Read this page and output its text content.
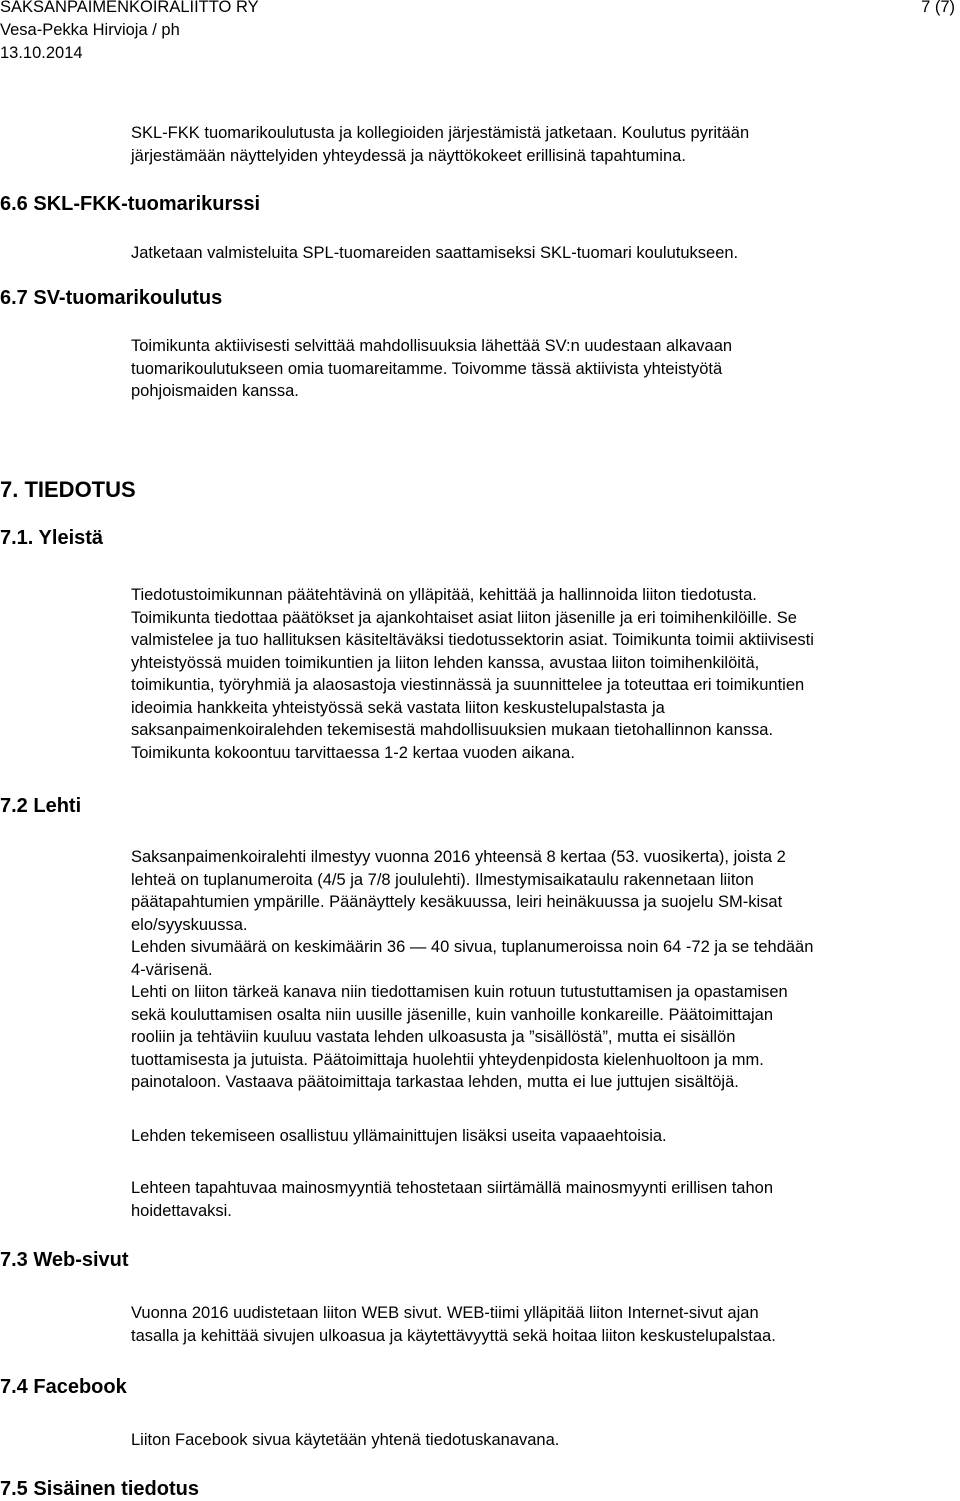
SAKSANPAIMENKOIRALIITTO RY	7 (7)
Vesa-Pekka Hirvioja / ph
13.10.2014
SKL-FKK tuomarikoulutusta ja kollegioiden järjestämistä jatketaan. Koulutus pyritään
järjestämään näyttelyiden yhteydessä ja näyttökokeet erillisinä tapahtumina.
6.6 SKL-FKK-tuomarikurssi
Jatketaan valmisteluita SPL-tuomareiden saattamiseksi SKL-tuomari koulutukseen.
6.7 SV-tuomarikoulutus
Toimikunta aktiivisesti selvittää mahdollisuuksia lähettää SV:n uudestaan alkavaan
tuomarikoulutukseen omia tuomareitamme. Toivomme tässä aktiivista yhteistyötä
pohjoismaiden kanssa.
7. TIEDOTUS
7.1. Yleistä
Tiedotustoimikunnan päätehtävinä on ylläpitää, kehittää ja hallinnoida liiton tiedotusta.
Toimikunta tiedottaa päätökset ja ajankohtaiset asiat liiton jäsenille ja eri toimihenkilöille. Se
valmistelee ja tuo hallituksen käsiteltäväksi tiedotussektorin asiat. Toimikunta toimii aktiivisesti
yhteistyössä muiden toimikuntien ja liiton lehden kanssa, avustaa liiton toimihenkilöitä,
toimikuntia, työryhmiä ja alaosastoja viestinnässä ja suunnittelee ja toteuttaa eri toimikuntien
ideoimia hankkeita yhteistyössä sekä vastata liiton keskustelupalstasta ja
saksanpaimenkoiralehden tekemisestä mahdollisuuksien mukaan tietohallinnon kanssa.
Toimikunta kokoontuu tarvittaessa 1-2 kertaa vuoden aikana.
7.2 Lehti
Saksanpaimenkoiralehti ilmestyy vuonna 2016 yhteensä 8 kertaa (53. vuosikerta), joista 2
lehteä on tuplanumeroita (4/5 ja 7/8 joululehti). Ilmestymisaikataulu rakennetaan liiton
päätapahtumien ympärille. Päänäyttely kesäkuussa, leiri heinäkuussa ja suojelu SM-kisat
elo/syyskuussa.
Lehden sivumäärä on keskimäärin 36 — 40 sivua, tuplanumeroissa noin 64 -72 ja se tehdään
4-värisenä.
Lehti on liiton tärkeä kanava niin tiedottamisen kuin rotuun tutustuttamisen ja opastamisen
sekä kouluttamisen osalta niin uusille jäsenille, kuin vanhoille konkareille. Päätoimittajan
rooliin ja tehtäviin kuuluu vastata lehden ulkoasusta ja ”sisällöstä”, mutta ei sisällön
tuottamisesta ja jutuista. Päätoimittaja huolehtii yhteydenpidosta kielenhuoltoon ja mm.
painotaloon. Vastaava päätoimittaja tarkastaa lehden, mutta ei lue juttujen sisältöjä.
Lehden tekemiseen osallistuu yllämainittujen lisäksi useita vapaaehtoisia.
Lehteen tapahtuvaa mainosmyyntiä tehostetaan siirtämällä mainosmyynti erillisen tahon
hoidettavaksi.
7.3 Web-sivut
Vuonna 2016 uudistetaan liiton WEB sivut. WEB-tiimi ylläpitää liiton Internet-sivut ajan
tasalla ja kehittää sivujen ulkoasua ja käytettävyyttä sekä hoitaa liiton keskustelupalstaa.
7.4 Facebook
Liiton Facebook sivua käytetään yhtenä tiedotuskanavana.
7.5 Sisäinen tiedotus
